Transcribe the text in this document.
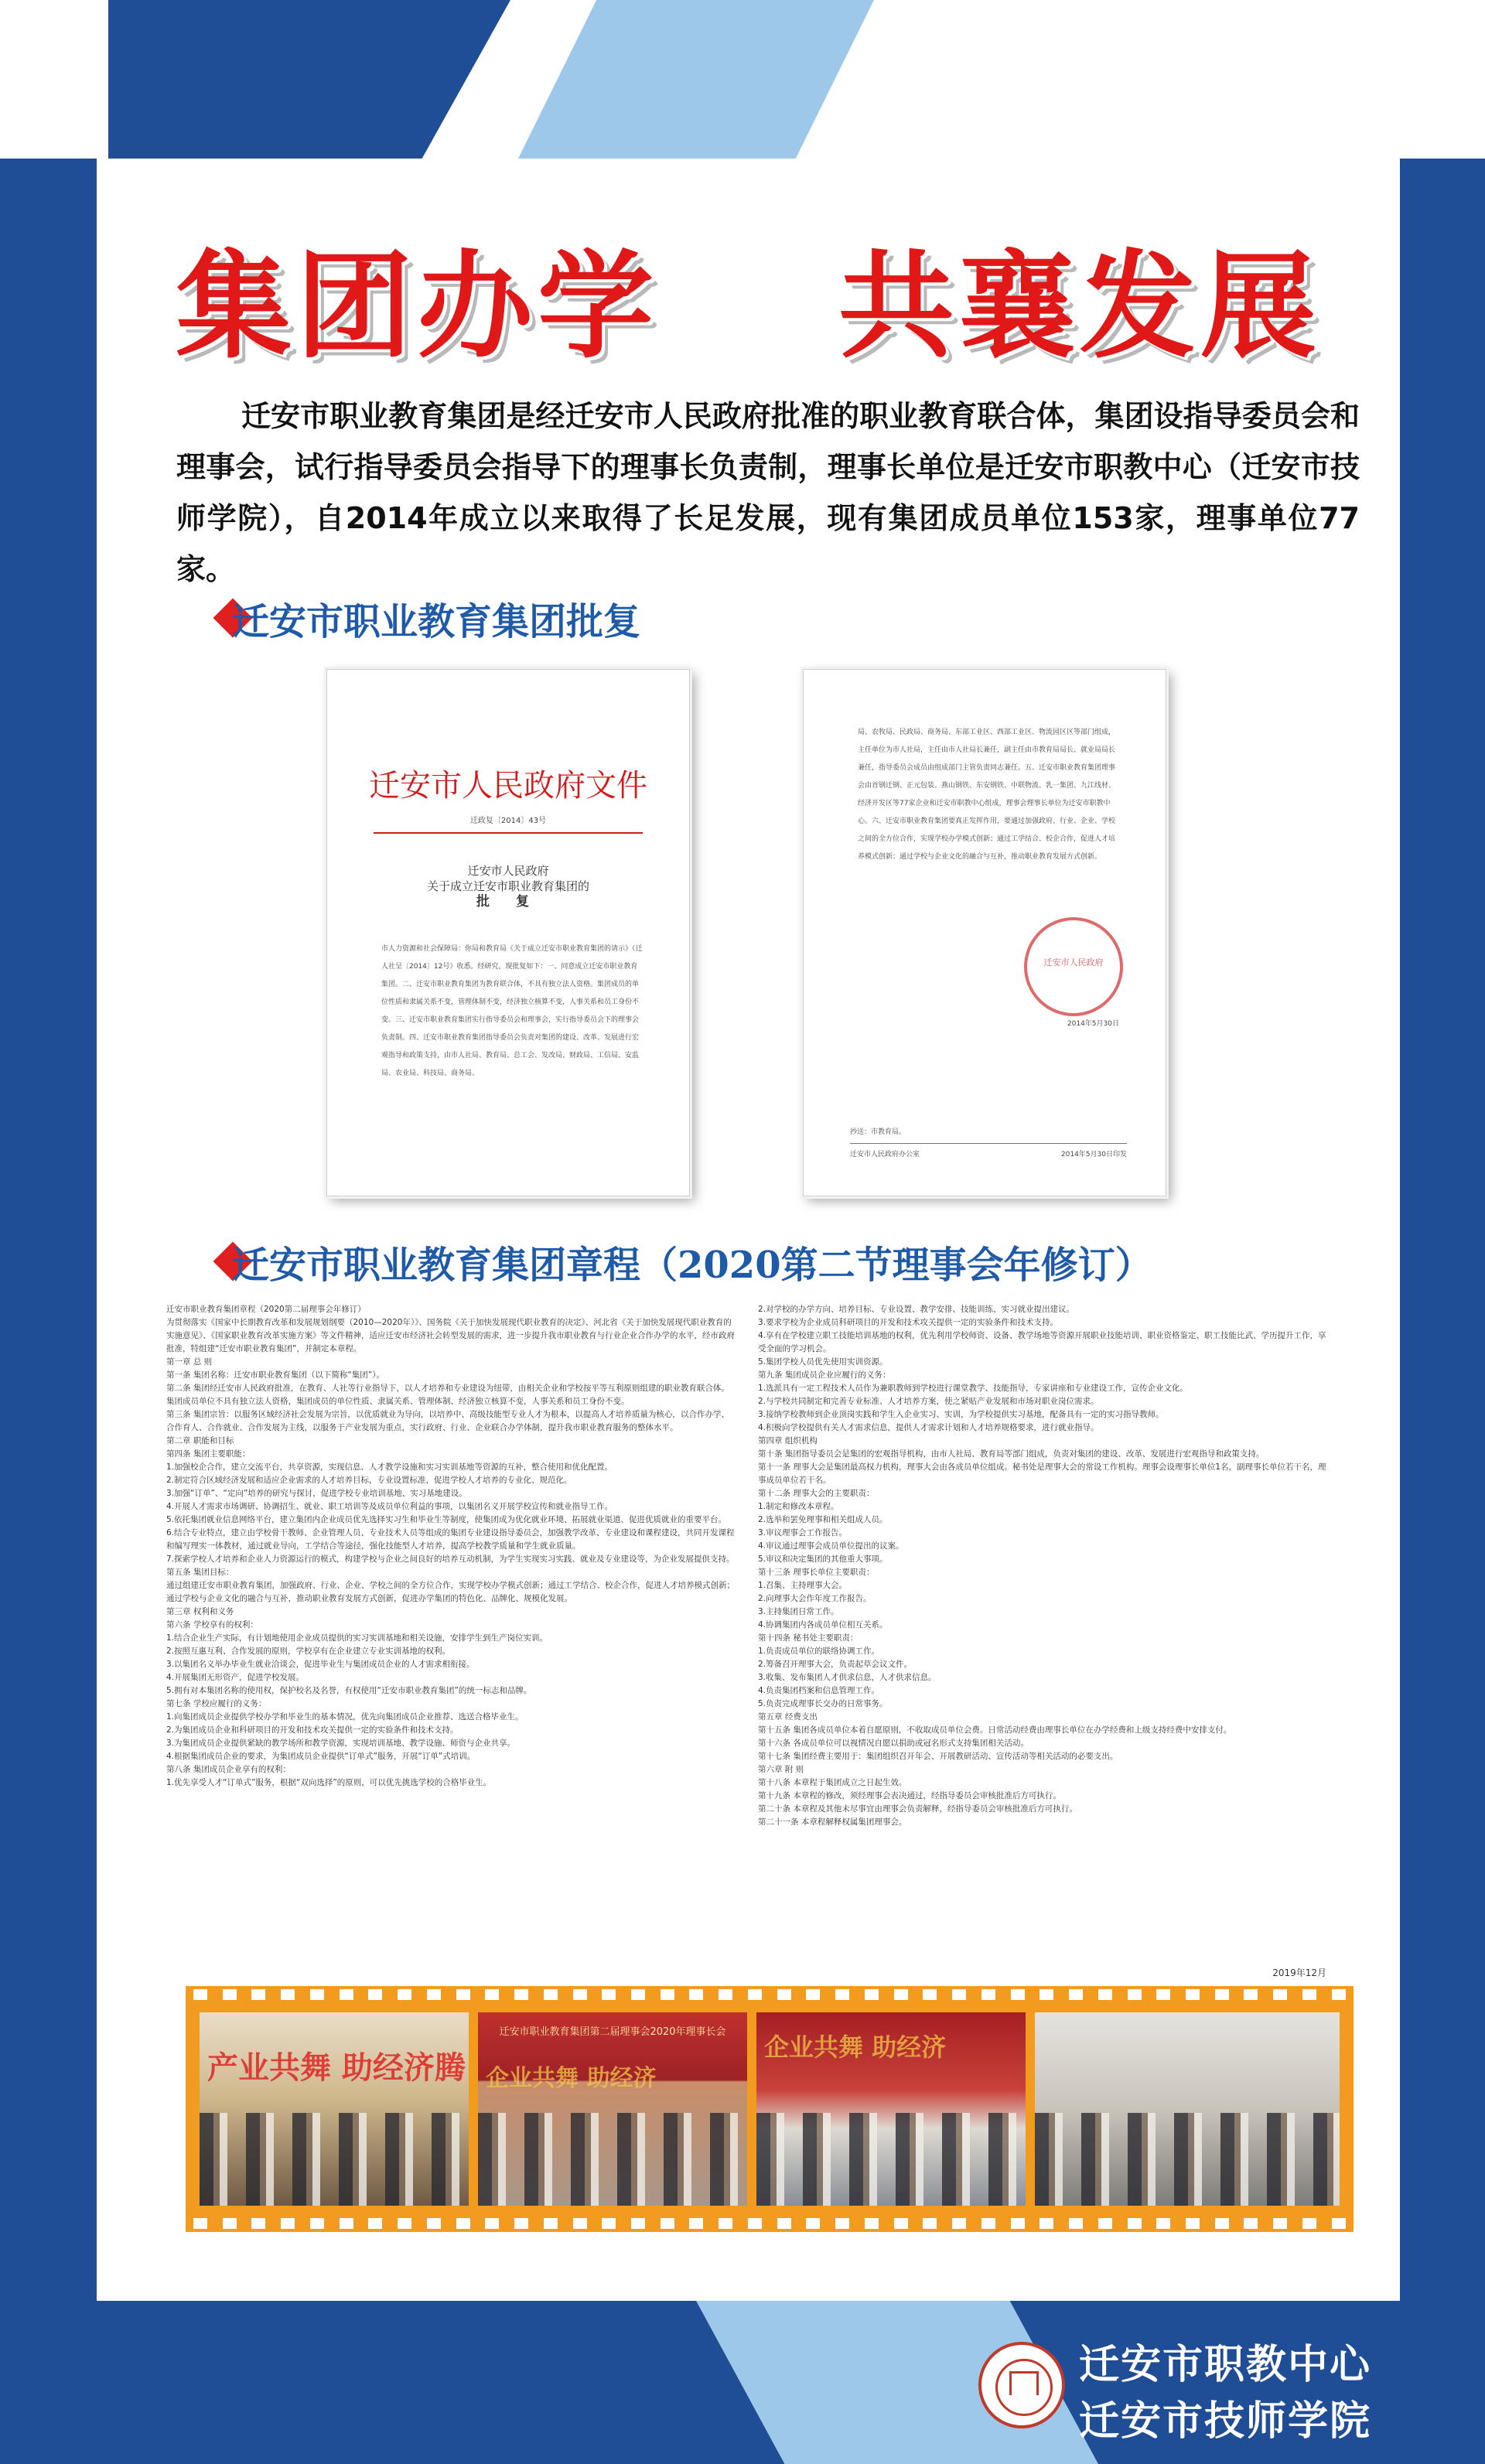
集团办学    共襄发展
迁安市职业教育集团是经迁安市人民政府批准的职业教育联合体，集团设指导委员会和理事会，试行指导委员会指导下的理事长负责制，理事长单位是迁安市职教中心（迁安市技师学院），自2014年成立以来取得了长足发展，现有集团成员单位153家，理事单位77家。
迁安市职业教育集团批复
迁安市人民政府文件
迁政复〔2014〕43号
迁安市人民政府
关于成立迁安市职业教育集团的
批 复
市人力资源和社会保障局：你局和教育局《关于成立迁安市职业教育集团的请示》（迁人社呈〔2014〕12号）收悉。经研究，现批复如下：一、同意成立迁安市职业教育集团。二、迁安市职业教育集团为教育联合体，不具有独立法人资格。集团成员的单位性质和隶属关系不变，管理体制不变，经济独立核算不变，人事关系和员工身份不变。三、迁安市职业教育集团实行指导委员会和理事会，实行指导委员会下的理事会负责制。四、迁安市职业教育集团指导委员会负责对集团的建设、改革、发展进行宏观指导和政策支持，由市人社局、教育局、总工会、发改局、财政局、工信局、安监局、农业局、科技局、商务局、
局、农牧局、民政局、商务局、东部工业区、西部工业区、物流园区区等部门组成，主任单位为市人社局，主任由市人社局长兼任，副主任由市教育局局长、就业局局长兼任，指导委员会成员由组成部门主管负责同志兼任。五、迁安市职业教育集团理事会由首钢迁钢、正元包装、燕山钢铁、东安钢铁、中联物流、乳一集团、九江线材、经济开发区等77家企业和迁安市职教中心组成，理事会理事长单位为迁安市职教中心。六、迁安市职业教育集团要真正发挥作用，要通过加强政府、行业、企业、学校之间的全方位合作，实现学校办学模式创新；通过工学结合、校企合作，促进人才培养模式创新；通过学校与企业文化的融合与互补，推动职业教育发展方式创新。
迁安市人民政府
2014年5月30日
抄送：市教育局。
迁安市人民政府办公室	2014年5月30日印发
迁安市职业教育集团章程（2020第二节理事会年修订）
迁安市职业教育集团章程（2020第二届理事会年修订）
为贯彻落实《国家中长期教育改革和发展规划纲要（2010—2020年）》、国务院《关于加快发展现代职业教育的决定》、河北省《关于加快发展现代职业教育的实施意见》、《国家职业教育改革实施方案》等文件精神，适应迁安市经济社会转型发展的需求，进一步提升我市职业教育与行业企业合作办学的水平，经市政府批准，特组建“迁安市职业教育集团”，并制定本章程。
第一章 总 则
第一条 集团名称：迁安市职业教育集团（以下简称“集团”）。
第二条 集团经迁安市人民政府批准，在教育、人社等行业指导下，以人才培养和专业建设为纽带，由相关企业和学校按平等互利原则组建的职业教育联合体。集团成员单位不具有独立法人资格，集团成员的单位性质、隶属关系、管理体制、经济独立核算不变，人事关系和员工身份不变。
第三条 集团宗旨：以服务区域经济社会发展为宗旨，以优质就业为导向，以培养中、高级技能型专业人才为根本，以提高人才培养质量为核心，以合作办学、合作育人、合作就业、合作发展为主线，以服务于产业发展为重点，实行政府、行业、企业联合办学体制，提升我市职业教育服务的整体水平。
第二章 职能和目标
第四条 集团主要职能：
1.加强校企合作，建立交流平台，共享资源，实现信息、人才教学设施和实习实训基地等资源的互补，整合使用和优化配置。
2.制定符合区域经济发展和适应企业需求的人才培养目标，专业设置标准，促进学校人才培养的专业化、规范化。
3.加强“订单”、“定向”培养的研究与探讨，促进学校专业培训基地、实习基地建设。
4.开展人才需求市场调研、协调招生、就业、职工培训等及成员单位利益的事项，以集团名义开展学校宣传和就业指导工作。
5.依托集团就业信息网络平台，建立集团内企业成员优先选择实习生和毕业生等制度，使集团成为优化就业环境、拓展就业渠道、促进优质就业的重要平台。
6.结合专业特点，建立由学校骨干教师、企业管理人员、专业技术人员等组成的集团专业建设指导委员会，加强教学改革、专业建设和课程建设，共同开发课程和编写理实一体教材，通过就业导向，工学结合等途径，强化技能型人才培养，提高学校教学质量和学生就业质量。
7.探索学校人才培养和企业人力资源运行的模式，构建学校与企业之间良好的培养互动机制，为学生实现实习实践、就业及专业建设等，为企业发展提供支持。
第五条 集团目标：
通过组建迁安市职业教育集团，加强政府、行业、企业、学校之间的全方位合作，实现学校办学模式创新；通过工学结合、校企合作，促进人才培养模式创新；通过学校与企业文化的融合与互补，推动职业教育发展方式创新，促进办学集团的特色化、品牌化、规模化发展。
第三章 权利和义务
第六条 学校享有的权利：
1.结合企业生产实际，有计划地使用企业成员提供的实习实训基地和相关设施，安排学生到生产岗位实训。
2.按照互惠互利、合作发展的原则，学校享有在企业建立专业实训基地的权利。
3.以集团名义举办毕业生就业洽谈会，促进毕业生与集团成员企业的人才需求相衔接。
4.开展集团无形资产，促进学校发展。
5.拥有对本集团名称的使用权，保护校名及名誉，有权使用“迁安市职业教育集团”的统一标志和品牌。
第七条 学校应履行的义务：
1.向集团成员企业提供学校办学和毕业生的基本情况，优先向集团成员企业推荐、选送合格毕业生。
2.为集团成员企业和科研项目的开发和技术攻关提供一定的实验条件和技术支持。
3.为集团成员企业提供紧缺的教学场所和教学资源，实现培训基地、教学设施、师资与企业共享。
4.根据集团成员企业的要求，为集团成员企业提供“订单式”服务，开展“订单”式培训。
第八条 集团成员企业享有的权利：
1.优先享受人才“订单式”服务，根据“双向选择”的原则，可以优先挑选学校的合格毕业生。
2.对学校的办学方向、培养目标、专业设置、教学安排、技能训练、实习就业提出建议。
3.要求学校为企业成员科研项目的开发和技术攻关提供一定的实验条件和技术支持。
4.享有在学校建立职工技能培训基地的权利，优先利用学校师资、设备、教学场地等资源开展职业技能培训、职业资格鉴定、职工技能比武、学历提升工作，享受全面的学习机会。
5.集团学校人员优先使用实训资源。
第九条 集团成员企业应履行的义务：
1.选派具有一定工程技术人员作为兼职教师到学校进行课堂教学、技能指导，专家讲座和专业建设工作，宣传企业文化。
2.与学校共同制定和完善专业标准、人才培养方案，使之紧贴产业发展和市场对职业岗位需求。
3.接纳学校教师到企业顶岗实践和学生入企业实习、实训，为学校提供实习基地，配备具有一定的实习指导教师。
4.积极向学校提供有关人才需求信息，提供人才需求计划和人才培养规格要求，进行就业指导。
第四章 组织机构
第十条 集团指导委员会是集团的宏观指导机构，由市人社局、教育局等部门组成，负责对集团的建设、改革、发展进行宏观指导和政策支持。
第十一条 理事大会是集团最高权力机构，理事大会由各成员单位组成。秘书处是理事大会的常设工作机构。理事会设理事长单位1名，副理事长单位若干名，理事成员单位若干名。
第十二条 理事大会的主要职责：
1.制定和修改本章程。
2.选举和罢免理事和相关组成人员。
3.审议理事会工作报告。
4.审议通过理事会成员单位提出的议案。
5.审议和决定集团的其他重大事项。
第十三条 理事长单位主要职责：
1.召集、主持理事大会。
2.向理事大会作年度工作报告。
3.主持集团日常工作。
4.协调集团内各成员单位相互关系。
第十四条 秘书处主要职责：
1.负责成员单位的联络协调工作。
2.筹备召开理事大会，负责起草会议文件。
3.收集、发布集团人才供求信息，人才供求信息。
4.负责集团档案和信息管理工作。
5.负责完成理事长交办的日常事务。
第五章 经费支出
第十五条 集团各成员单位本着自愿原则，不收取成员单位会费。日常活动经费由理事长单位在办学经费和上级支持经费中安排支付。
第十六条 各成员单位可以视情况自愿以捐助或冠名形式支持集团相关活动。
第十七条 集团经费主要用于：集团组织召开年会、开展教研活动、宣传活动等相关活动的必要支出。
第六章 附 则
第十八条 本章程于集团成立之日起生效。
第十九条 本章程的修改，须经理事会表决通过，经指导委员会审核批准后方可执行。
第二十条 本章程及其他未尽事宜由理事会负责解释，经指导委员会审核批准后方可执行。
第二十一条 本章程解释权属集团理事会。
2019年12月
产业共舞 助经济腾
迁安市职业教育集团第二届理事会2020年理事长会
企业共舞 助经济
企业共舞 助经济
迁安市职教中心
迁安市技师学院
